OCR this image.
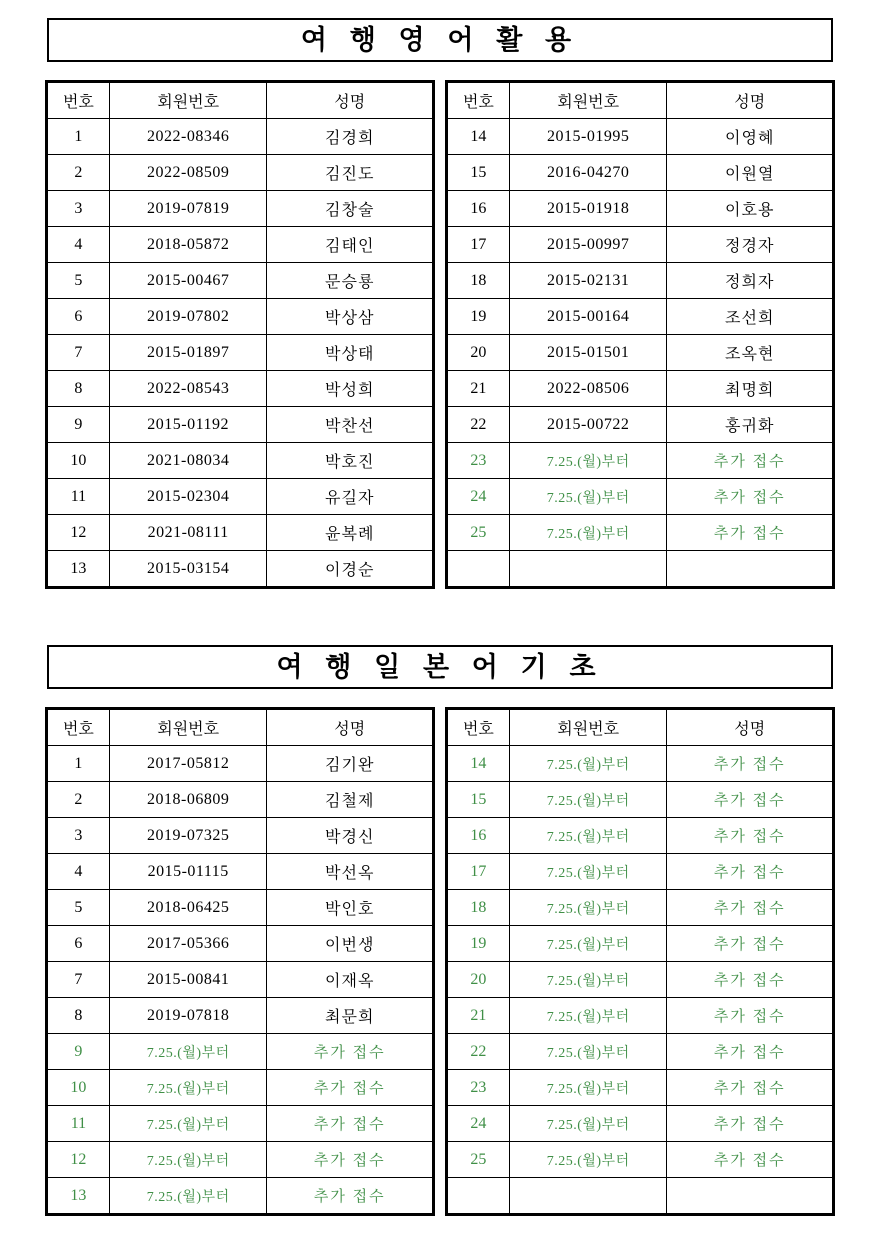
여 행 영 어 활 용
번호	회원번호	성명
1	2022-08346	김경희
2	2022-08509	김진도
3	2019-07819	김창술
4	2018-05872	김태인
5	2015-00467	문승룡
6	2019-07802	박상삼
7	2015-01897	박상태
8	2022-08543	박성희
9	2015-01192	박찬선
10	2021-08034	박호진
11	2015-02304	유길자
12	2021-08111	윤복례
13	2015-03154	이경순
번호	회원번호	성명
14	2015-01995	이영혜
15	2016-04270	이원열
16	2015-01918	이호용
17	2015-00997	정경자
18	2015-02131	정희자
19	2015-00164	조선희
20	2015-01501	조옥현
21	2022-08506	최명희
22	2015-00722	홍귀화
23	7.25.(월)부터	추가 접수
24	7.25.(월)부터	추가 접수
25	7.25.(월)부터	추가 접수

여 행 일 본 어 기 초
번호	회원번호	성명
1	2017-05812	김기완
2	2018-06809	김철제
3	2019-07325	박경신
4	2015-01115	박선옥
5	2018-06425	박인호
6	2017-05366	이번생
7	2015-00841	이재옥
8	2019-07818	최문희
9	7.25.(월)부터	추가 접수
10	7.25.(월)부터	추가 접수
11	7.25.(월)부터	추가 접수
12	7.25.(월)부터	추가 접수
13	7.25.(월)부터	추가 접수
번호	회원번호	성명
14	7.25.(월)부터	추가 접수
15	7.25.(월)부터	추가 접수
16	7.25.(월)부터	추가 접수
17	7.25.(월)부터	추가 접수
18	7.25.(월)부터	추가 접수
19	7.25.(월)부터	추가 접수
20	7.25.(월)부터	추가 접수
21	7.25.(월)부터	추가 접수
22	7.25.(월)부터	추가 접수
23	7.25.(월)부터	추가 접수
24	7.25.(월)부터	추가 접수
25	7.25.(월)부터	추가 접수
